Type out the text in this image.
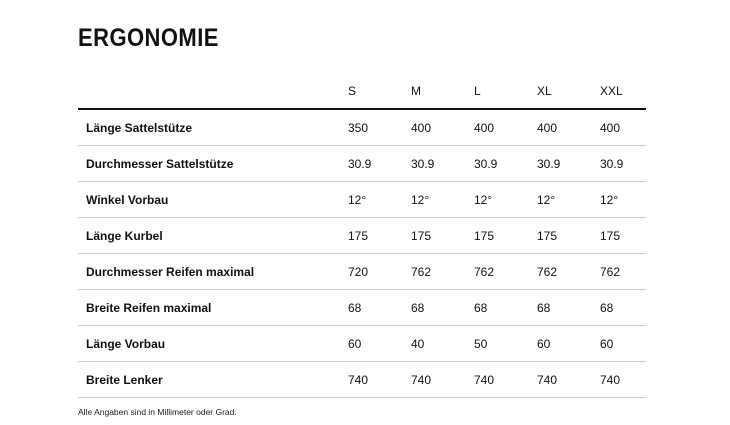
ERGONOMIE
	S	M	L	XL	XXL
Länge Sattelstütze	350	400	400	400	400
Durchmesser Sattelstütze	30.9	30.9	30.9	30.9	30.9
Winkel Vorbau	12°	12°	12°	12°	12°
Länge Kurbel	175	175	175	175	175
Durchmesser Reifen maximal	720	762	762	762	762
Breite Reifen maximal	68	68	68	68	68
Länge Vorbau	60	40	50	60	60
Breite Lenker	740	740	740	740	740
Alle Angaben sind in Millimeter oder Grad.
